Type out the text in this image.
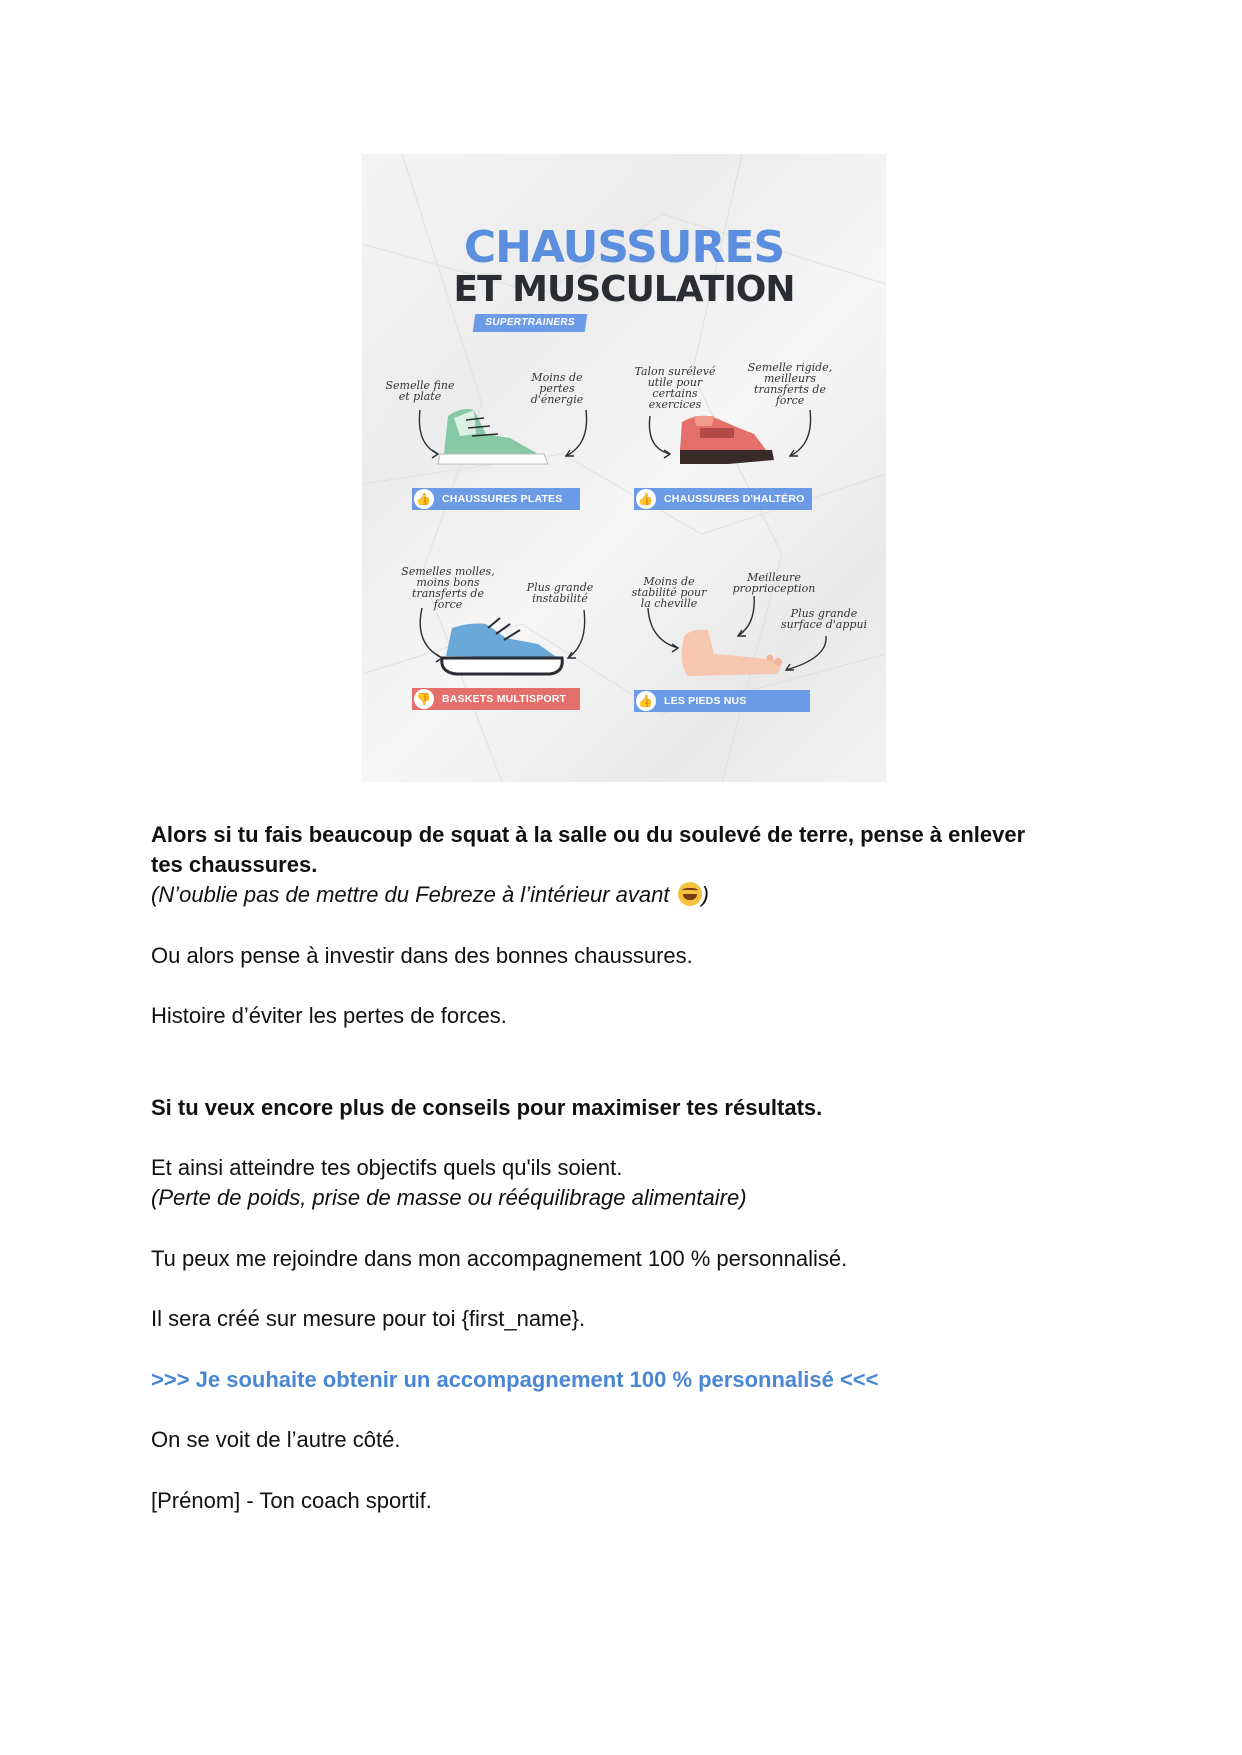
CHAUSSURES
ET MUSCULATION
SUPERTRAINERS
Semelle fine et plate
Moins de pertes d'énergie
Talon surélevé utile pour certains exercices
Semelle rigide, meilleurs transferts de force
Semelles molles, moins bons transferts de force
Plus grande instabilité
Moins de stabilité pour la cheville
Meilleure proprioception
Plus grande surface d'appui
👍 CHAUSSURES PLATES	👍 CHAUSSURES D'HALTÉRO
👎 BASKETS MULTISPORT	👍 LES PIEDS NUS

Alors si tu fais beaucoup de squat à la salle ou du soulevé de terre, pense à enlever

tes chaussures.

(N’oublie pas de mettre du Febreze à l’intérieur avant )

Ou alors pense à investir dans des bonnes chaussures.

Histoire d’éviter les pertes de forces.

Si tu veux encore plus de conseils pour maximiser tes résultats.

Et ainsi atteindre tes objectifs quels qu'ils soient.

(Perte de poids, prise de masse ou rééquilibrage alimentaire)

Tu peux me rejoindre dans mon accompagnement 100 % personnalisé.

Il sera créé sur mesure pour toi {first_name}.

>>> Je souhaite obtenir un accompagnement 100 % personnalisé <<<

On se voit de l’autre côté.

[Prénom] - Ton coach sportif.
